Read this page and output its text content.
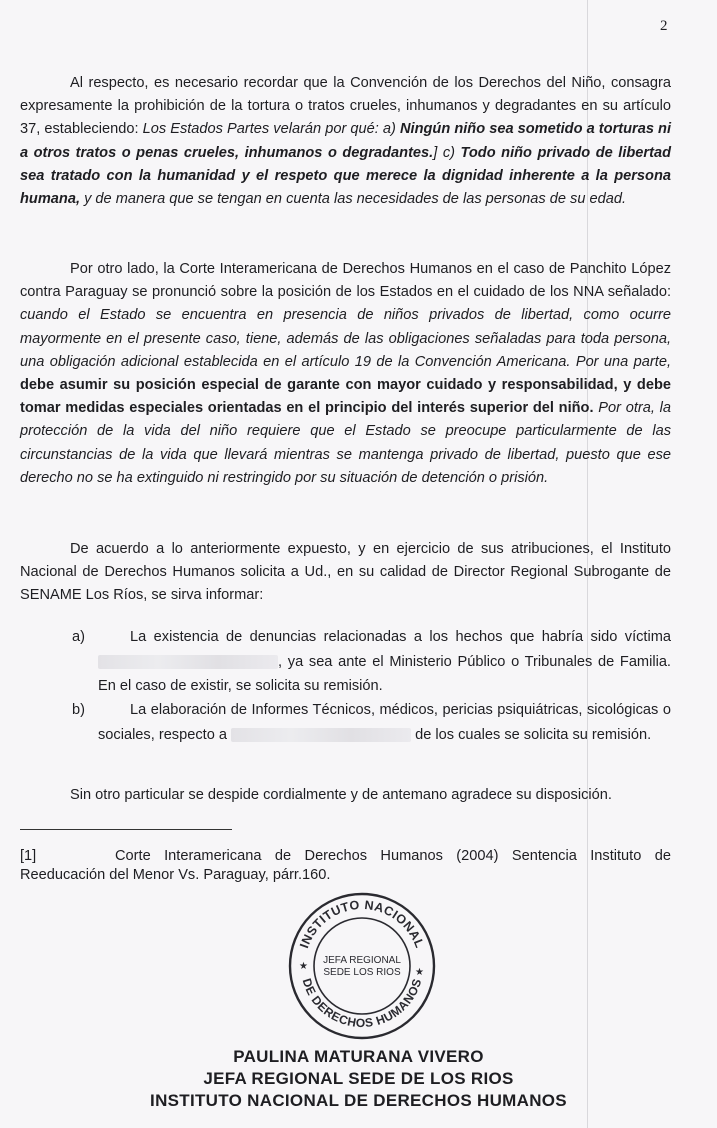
2

Al respecto, es necesario recordar que la Convención de los Derechos del Niño, consagra expresamente la prohibición de la tortura o tratos crueles, inhumanos y degradantes en su artículo 37, estableciendo: Los Estados Partes velarán por qué: a) Ningún niño sea sometido a torturas ni a otros tratos o penas crueles, inhumanos o degradantes.] c) Todo niño privado de libertad sea tratado con la humanidad y el respeto que merece la dignidad inherente a la persona humana, y de manera que se tengan en cuenta las necesidades de las personas de su edad.

Por otro lado, la Corte Interamericana de Derechos Humanos en el caso de Panchito López contra Paraguay se pronunció sobre la posición de los Estados en el cuidado de los NNA señalado: cuando el Estado se encuentra en presencia de niños privados de libertad, como ocurre mayormente en el presente caso, tiene, además de las obligaciones señaladas para toda persona, una obligación adicional establecida en el artículo 19 de la Convención Americana. Por una parte, debe asumir su posición especial de garante con mayor cuidado y responsabilidad, y debe tomar medidas especiales orientadas en el principio del interés superior del niño. Por otra, la protección de la vida del niño requiere que el Estado se preocupe particularmente de las circunstancias de la vida que llevará mientras se mantenga privado de libertad, puesto que ese derecho no se ha extinguido ni restringido por su situación de detención o prisión.

De acuerdo a lo anteriormente expuesto, y en ejercicio de sus atribuciones, el Instituto Nacional de Derechos Humanos solicita a Ud., en su calidad de Director Regional Subrogante de SENAME Los Ríos, se sirva informar:

a)	La existencia de denuncias relacionadas a los hechos que habría sido víctima , ya sea ante el Ministerio Público o Tribunales de Familia. En el caso de existir, se solicita su remisión.
b)	La elaboración de Informes Técnicos, médicos, pericias psiquiátricas, sicológicas o sociales, respecto a	de los cuales se solicita su remisión.

Sin otro particular se despide cordialmente y de antemano agradece su disposición.

[1]	Corte Interamericana de Derechos Humanos (2004) Sentencia Instituto de Reeducación del Menor Vs. Paraguay, párr.160.
INSTITUTO NACIONAL
DE DERECHOS HUMANOS
JEFA REGIONAL
SEDE LOS RIOS
★
★
PAULINA MATURANA VIVERO
JEFA REGIONAL SEDE DE LOS RIOS
INSTITUTO NACIONAL DE DERECHOS HUMANOS
